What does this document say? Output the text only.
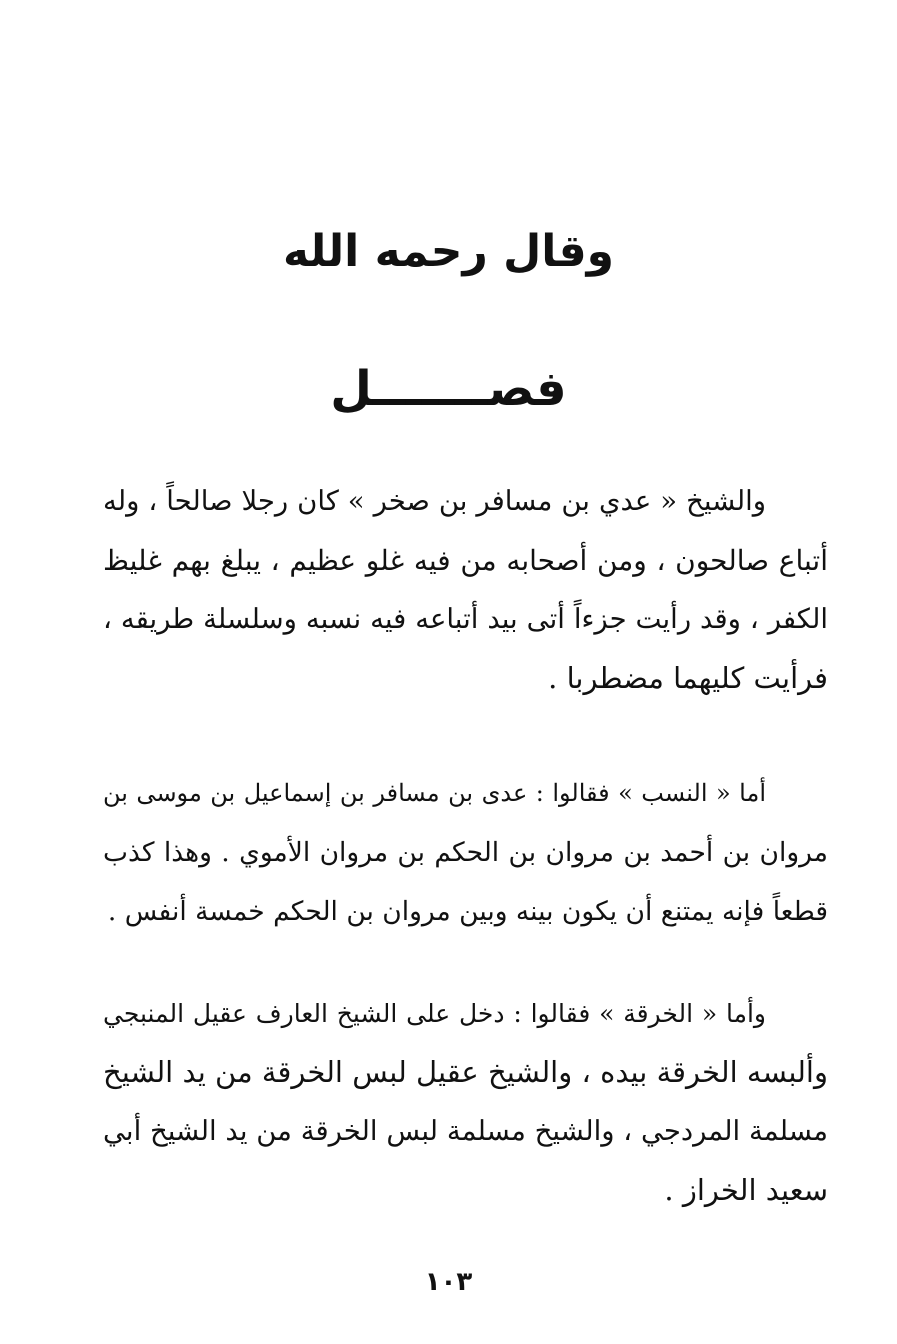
وقال رحمه الله
فصـــــــل
والشيخ « عدي بن مسافر بن صخر » كان رجلا صالحاً ، وله
أتباع صالحون ، ومن أصحابه من فيه غلو عظيم ، يبلغ بهم غليظ
الكفر ، وقد رأيت جزءاً أتى بيد أتباعه فيه نسبه وسلسلة طريقه ،
فرأيت كليهما مضطربا .
أما « النسب » فقالوا : عدى بن مسافر بن إسماعيل بن موسى بن
مروان بن أحمد بن مروان بن الحكم بن مروان الأموي . وهذا كذب
قطعاً فإنه يمتنع أن يكون بينه وبين مروان بن الحكم خمسة أنفس .
وأما « الخرقة » فقالوا : دخل على الشيخ العارف عقيل المنبجي
وألبسه الخرقة بيده ، والشيخ عقيل لبس الخرقة من يد الشيخ
مسلمة المردجي ، والشيخ مسلمة لبس الخرقة من يد الشيخ أبي
سعيد الخراز .
١٠٣
